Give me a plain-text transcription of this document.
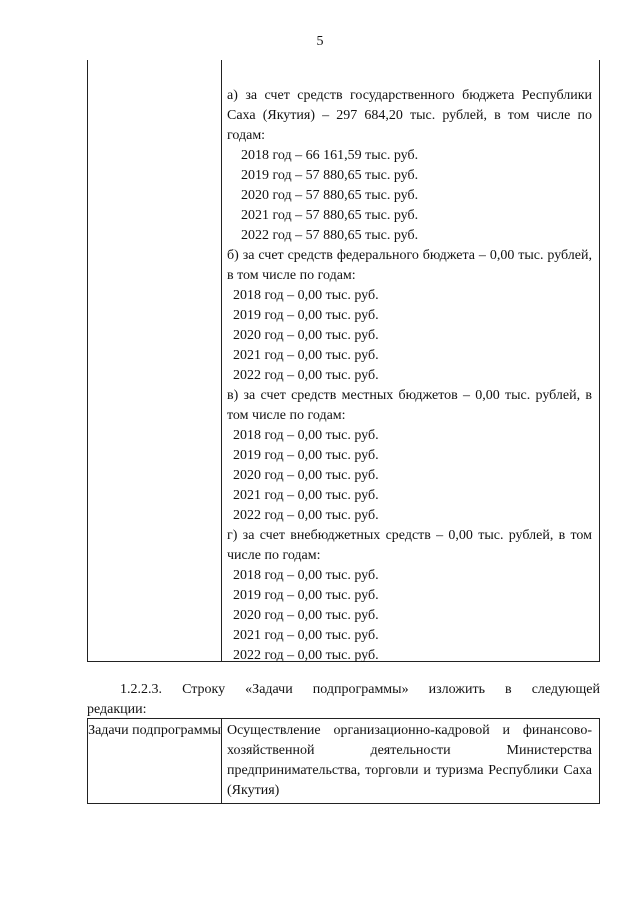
5
а) за счет средств государственного бюджета Республики Саха (Якутия) – 297 684,20 тыс. рублей, в том числе по годам:
2018 год – 66 161,59 тыс. руб.
2019 год – 57 880,65 тыс. руб.
2020 год – 57 880,65 тыс. руб.
2021 год – 57 880,65 тыс. руб.
2022 год – 57 880,65 тыс. руб.
б) за счет средств федерального бюджета – 0,00 тыс. рублей, в том числе по годам:
2018 год – 0,00 тыс. руб.
2019 год – 0,00 тыс. руб.
2020 год – 0,00 тыс. руб.
2021 год – 0,00 тыс. руб.
2022 год – 0,00 тыс. руб.
в) за счет средств местных бюджетов – 0,00 тыс. рублей, в том числе по годам:
2018 год – 0,00 тыс. руб.
2019 год – 0,00 тыс. руб.
2020 год – 0,00 тыс. руб.
2021 год – 0,00 тыс. руб.
2022 год – 0,00 тыс. руб.
г) за счет внебюджетных средств – 0,00 тыс. рублей, в том числе по годам:
2018 год – 0,00 тыс. руб.
2019 год – 0,00 тыс. руб.
2020 год – 0,00 тыс. руб.
2021 год – 0,00 тыс. руб.
2022 год – 0,00 тыс. руб.
1.2.2.3. Строку «Задачи подпрограммы» изложить в следующей
редакции:
Задачи подпрограммы Осуществление организационно-кадровой и финансово-хозяйственной деятельности Министерства предпринимательства, торговли и туризма Республики Саха (Якутия)
